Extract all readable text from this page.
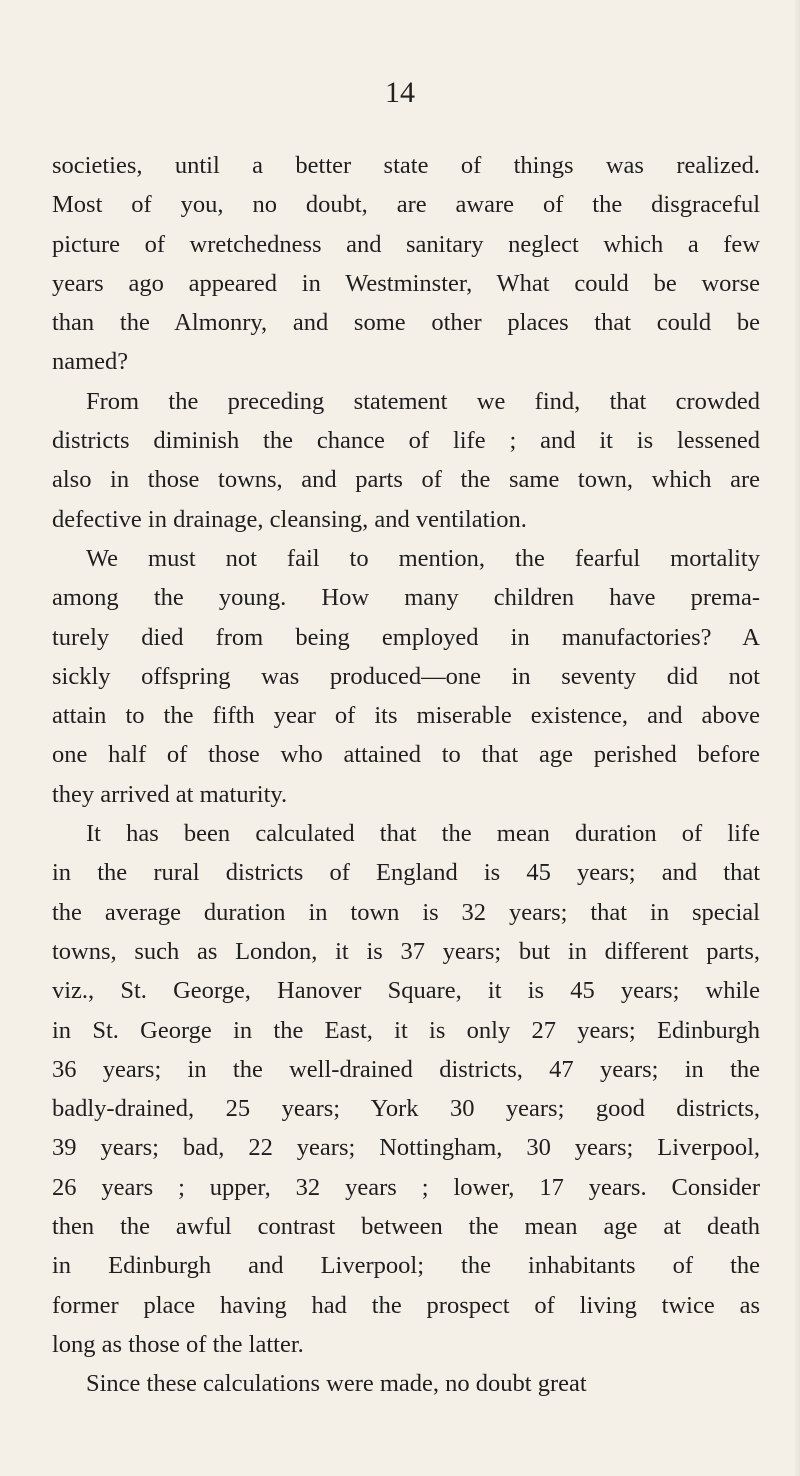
14
societies, until a better state of things was realized.
Most of you, no doubt, are aware of the disgraceful
picture of wretchedness and sanitary neglect which a few
years ago appeared in Westminster, What could be worse
than the Almonry, and some other places that could be
named?
From the preceding statement we find, that crowded
districts diminish the chance of life ; and it is lessened
also in those towns, and parts of the same town, which are
defective in drainage, cleansing, and ventilation.
We must not fail to mention, the fearful mortality
among the young. How many children have prema-
turely died from being employed in manufactories? A
sickly offspring was produced—one in seventy did not
attain to the fifth year of its miserable existence, and above
one half of those who attained to that age perished before
they arrived at maturity.
It has been calculated that the mean duration of life
in the rural districts of England is 45 years; and that
the average duration in town is 32 years; that in special
towns, such as London, it is 37 years; but in different parts,
viz., St. George, Hanover Square, it is 45 years; while
in St. George in the East, it is only 27 years; Edinburgh
36 years; in the well-drained districts, 47 years; in the
badly-drained, 25 years; York 30 years; good districts,
39 years; bad, 22 years; Nottingham, 30 years; Liverpool,
26 years ; upper, 32 years ; lower, 17 years. Consider
then the awful contrast between the mean age at death
in Edinburgh and Liverpool; the inhabitants of the
former place having had the prospect of living twice as
long as those of the latter.
Since these calculations were made, no doubt great
